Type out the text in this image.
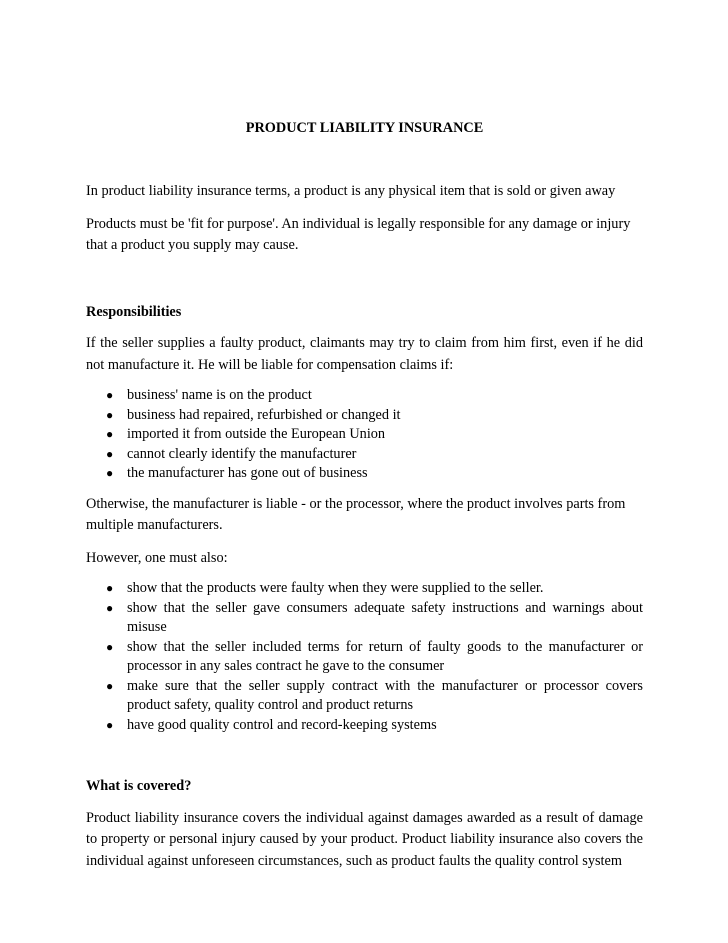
PRODUCT LIABILITY INSURANCE

In product liability insurance terms, a product is any physical item that is sold or given away

Products must be 'fit for purpose'. An individual is legally responsible for any damage or injury that a product you supply may cause.

Responsibilities

If the seller supplies a faulty product, claimants may try to claim from him first, even if he did not manufacture it. He will be liable for compensation claims if:

● business' name is on the product
● business had repaired, refurbished or changed it
● imported it from outside the European Union
● cannot clearly identify the manufacturer
● the manufacturer has gone out of business

Otherwise, the manufacturer is liable - or the processor, where the product involves parts from multiple manufacturers.

However, one must also:

● show that the products were faulty when they were supplied to the seller.
● show that the seller gave consumers adequate safety instructions and warnings about misuse
● show that the seller included terms for return of faulty goods to the manufacturer or processor in any sales contract he gave to the consumer
● make sure that the seller supply contract with the manufacturer or processor covers product safety, quality control and product returns
● have good quality control and record-keeping systems

What is covered?

Product liability insurance covers the individual against damages awarded as a result of damage to property or personal injury caused by your product. Product liability insurance also covers the individual against unforeseen circumstances, such as product faults the quality control system
